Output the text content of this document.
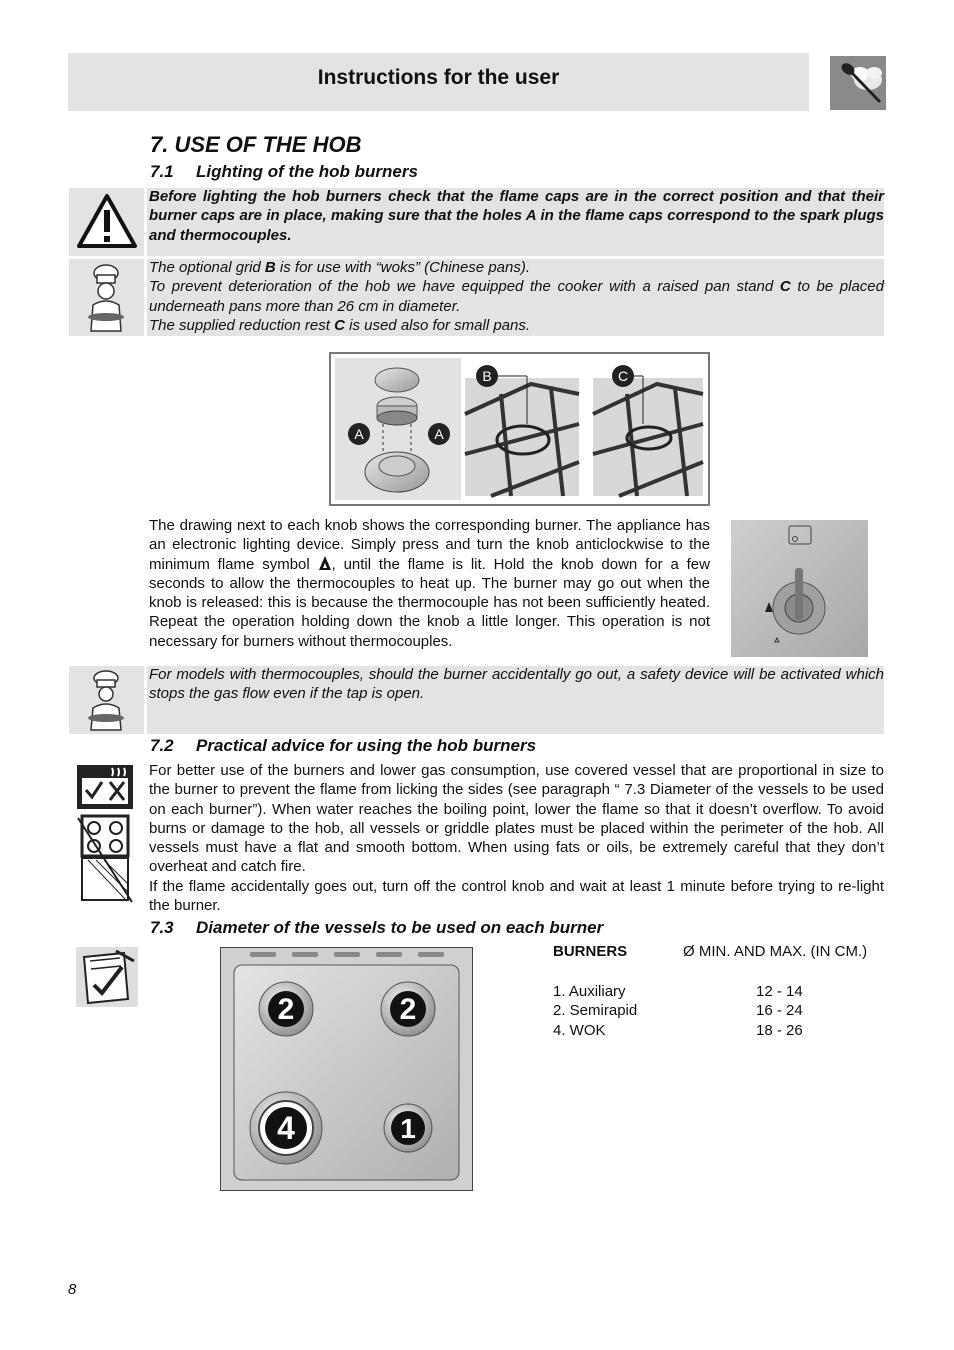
Instructions for the user
7. USE OF THE HOB
7.1 Lighting of the hob burners
Before lighting the hob burners check that the flame caps are in the correct position and that their burner caps are in place, making sure that the holes A in the flame caps correspond to the spark plugs and thermocouples.

The optional grid B is for use with “woks” (Chinese pans).

To prevent deterioration of the hob we have equipped the cooker with a raised pan stand C to be placed underneath pans more than 26 cm in diameter.

The supplied reduction rest C is used also for small pans.

A	A
B	C

The drawing next to each knob shows the corresponding burner. The appliance has an electronic lighting device. Simply press and turn the knob anticlockwise to the minimum flame symbol , until the flame is lit. Hold the knob down for a few seconds to allow the thermocouples to heat up. The burner may go out when the knob is released: this is because the thermocouple has not been sufficiently heated. Repeat the operation holding down the knob a little longer. This operation is not necessary for burners without thermocouples.

For models with thermocouples, should the burner accidentally go out, a safety device will be activated which stops the gas flow even if the tap is open.
7.2 Practical advice for using the hob burners

For better use of the burners and lower gas consumption, use covered vessel that are proportional in size to the burner to prevent the flame from licking the sides (see paragraph “ 7.3 Diameter of the vessels to be used on each burner”). When water reaches the boiling point, lower the flame so that it doesn’t overflow. To avoid burns or damage to the hob, all vessels or griddle plates must be placed within the perimeter of the hob. All vessels must have a flat and smooth bottom. When using fats or oils, be extremely careful that they don’t overheat and catch fire.

If the flame accidentally goes out, turn off the control knob and wait at least 1 minute before trying to re-light the burner.

7.3 Diameter of the vessels to be used on each burner
2	2
4	1
BURNERS	Ø MIN. AND MAX. (IN CM.)

1. Auxiliary	12 - 14
2. Semirapid	16 - 24
4. WOK	18 - 26
8
